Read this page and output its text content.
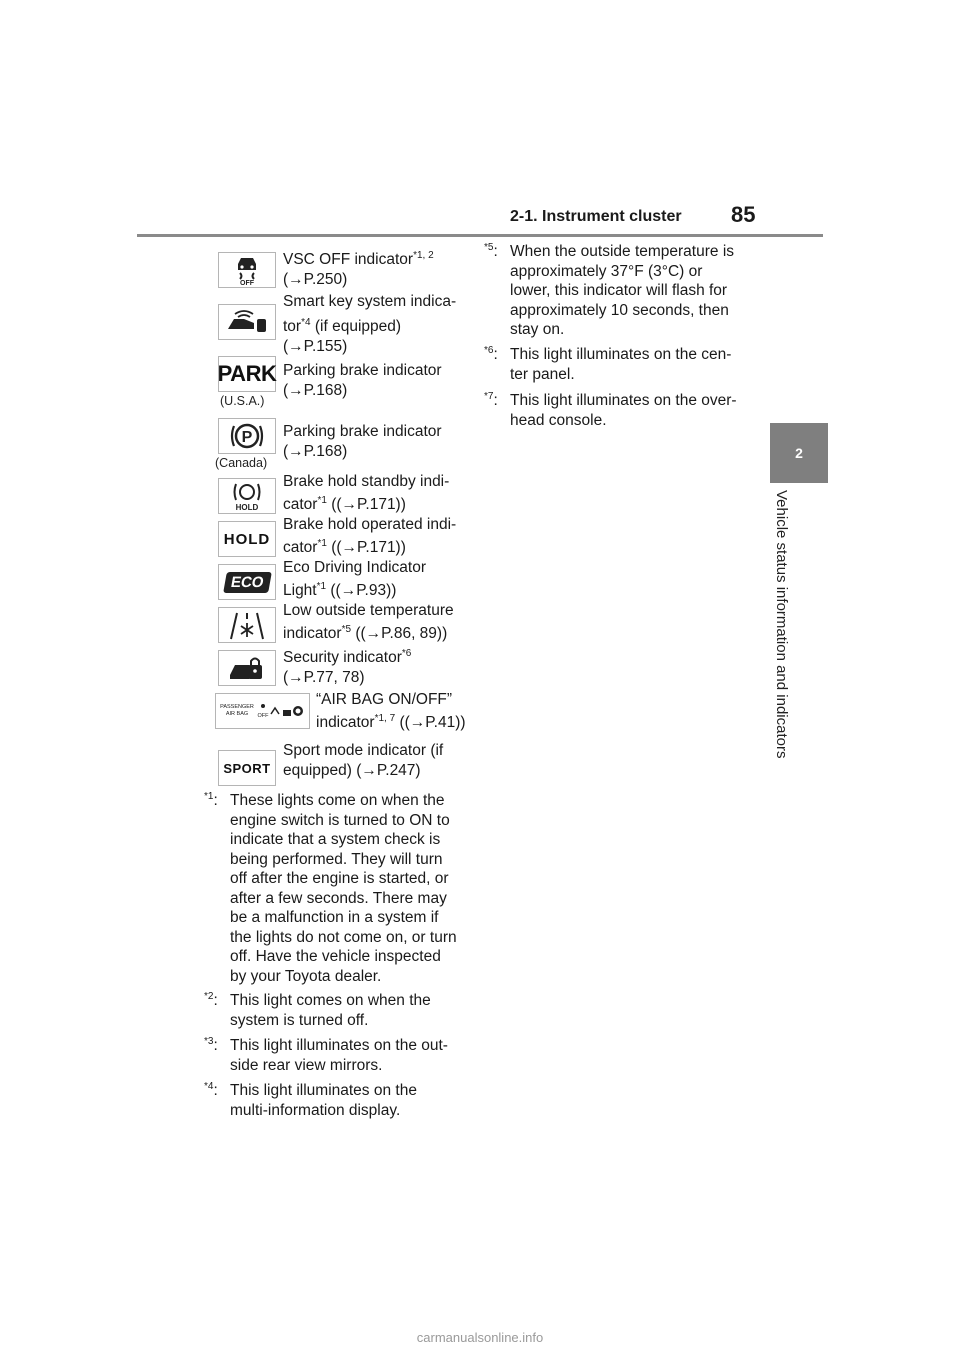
2-1. Instrument cluster 85
2
Vehicle status information and indicators
OFF
VSC OFF indicator$^{*1, 2}$
(→P.250)
Smart key system indica-
tor$^{*4}$ (if equipped)
(→P.155)
PARK
(U.S.A.)
Parking brake indicator
(→P.168)
P
(Canada)
Parking brake indicator
(→P.168)
HOLD
Brake hold standby indi-
cator$^{*1}$ ((→P.171))
HOLD
Brake hold operated indi-
cator$^{*1}$ ((→P.171))
ECO
Eco Driving Indicator
Light$^{*1}$ ((→P.93))
Low outside temperature
indicator$^{*5}$ ((→P.86, 89))
Security indicator$^{*6}$
(→P.77, 78)
PASSENGER
AIR BAG OFF
“AIR BAG ON/OFF”
indicator$^{*1, 7}$ ((→P.41))
SPORT
Sport mode indicator (if
equipped) (→P.247)
$^{*1}$: These lights come on when the
engine switch is turned to ON to
indicate that a system check is
being performed. They will turn
off after the engine is started, or
after a few seconds. There may
be a malfunction in a system if
the lights do not come on, or turn
off. Have the vehicle inspected
by your Toyota dealer.
$^{*2}$: This light comes on when the
system is turned off.
$^{*3}$: This light illuminates on the out-
side rear view mirrors.
$^{*4}$: This light illuminates on the
multi-information display.
$^{*5}$: When the outside temperature is
approximately 37°F (3°C) or
lower, this indicator will flash for
approximately 10 seconds, then
stay on.
$^{*6}$: This light illuminates on the cen-
ter panel.
$^{*7}$: This light illuminates on the over-
head console.
carmanualsonline.info
